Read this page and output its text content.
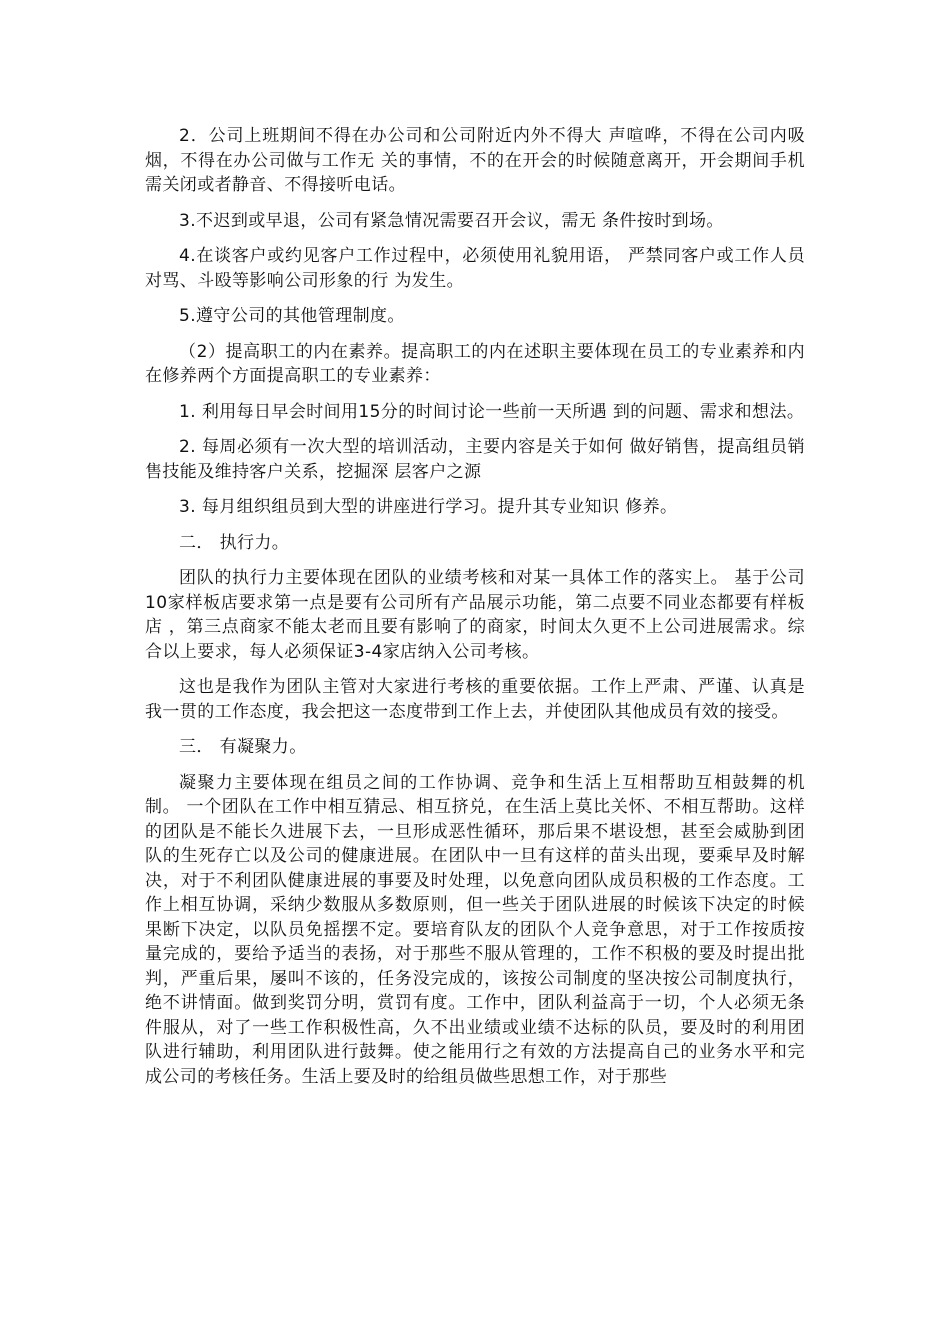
2．公司上班期间不得在办公司和公司附近内外不得大 声喧哗，不得在公司内吸烟，不得在办公司做与工作无 关的事情，不的在开会的时候随意离开，开会期间手机 需关闭或者静音、不得接听电话。

3.不迟到或早退，公司有紧急情况需要召开会议，需无 条件按时到场。

4.在谈客户或约见客户工作过程中，必须使用礼貌用语， 严禁同客户或工作人员对骂、斗殴等影响公司形象的行 为发生。

5.遵守公司的其他管理制度。

（2）提高职工的内在素养。提高职工的内在述职主要体现在员工的专业素养和内在修养两个方面提高职工的专业素养：

1. 利用每日早会时间用15分的时间讨论一些前一天所遇 到的问题、需求和想法。

2. 每周必须有一次大型的培训活动，主要内容是关于如何 做好销售，提高组员销售技能及维持客户关系，挖掘深 层客户之源

3. 每月组织组员到大型的讲座进行学习。提升其专业知识 修养。

二． 执行力。

团队的执行力主要体现在团队的业绩考核和对某一具体工作的落实上。 基于公司10家样板店要求第一点是要有公司所有产品展示功能，第二点要不同业态都要有样板店 ，第三点商家不能太老而且要有影响了的商家，时间太久更不上公司进展需求。综合以上要求，每人必须保证3-4家店纳入公司考核。

这也是我作为团队主管对大家进行考核的重要依据。工作上严肃、严谨、认真是我一贯的工作态度，我会把这一态度带到工作上去，并使团队其他成员有效的接受。

三． 有凝聚力。

凝聚力主要体现在组员之间的工作协调、竞争和生活上互相帮助互相鼓舞的机制。 一个团队在工作中相互猜忌、相互挤兑，在生活上莫比关怀、不相互帮助。这样的团队是不能长久进展下去，一旦形成恶性循环，那后果不堪设想，甚至会威胁到团队的生死存亡以及公司的健康进展。在团队中一旦有这样的苗头出现，要乘早及时解决，对于不利团队健康进展的事要及时处理，以免意向团队成员积极的工作态度。工作上相互协调，采纳少数服从多数原则，但一些关于团队进展的时候该下决定的时候果断下决定，以队员免摇摆不定。要培育队友的团队个人竞争意思，对于工作按质按量完成的，要给予适当的表扬，对于那些不服从管理的，工作不积极的要及时提出批判，严重后果，屡叫不该的，任务没完成的，该按公司制度的坚决按公司制度执行，绝不讲情面。做到奖罚分明，赏罚有度。工作中，团队利益高于一切，个人必须无条件服从，对了一些工作积极性高，久不出业绩或业绩不达标的队员，要及时的利用团队进行辅助，利用团队进行鼓舞。使之能用行之有效的方法提高自己的业务水平和完成公司的考核任务。生活上要及时的给组员做些思想工作，对于那些
